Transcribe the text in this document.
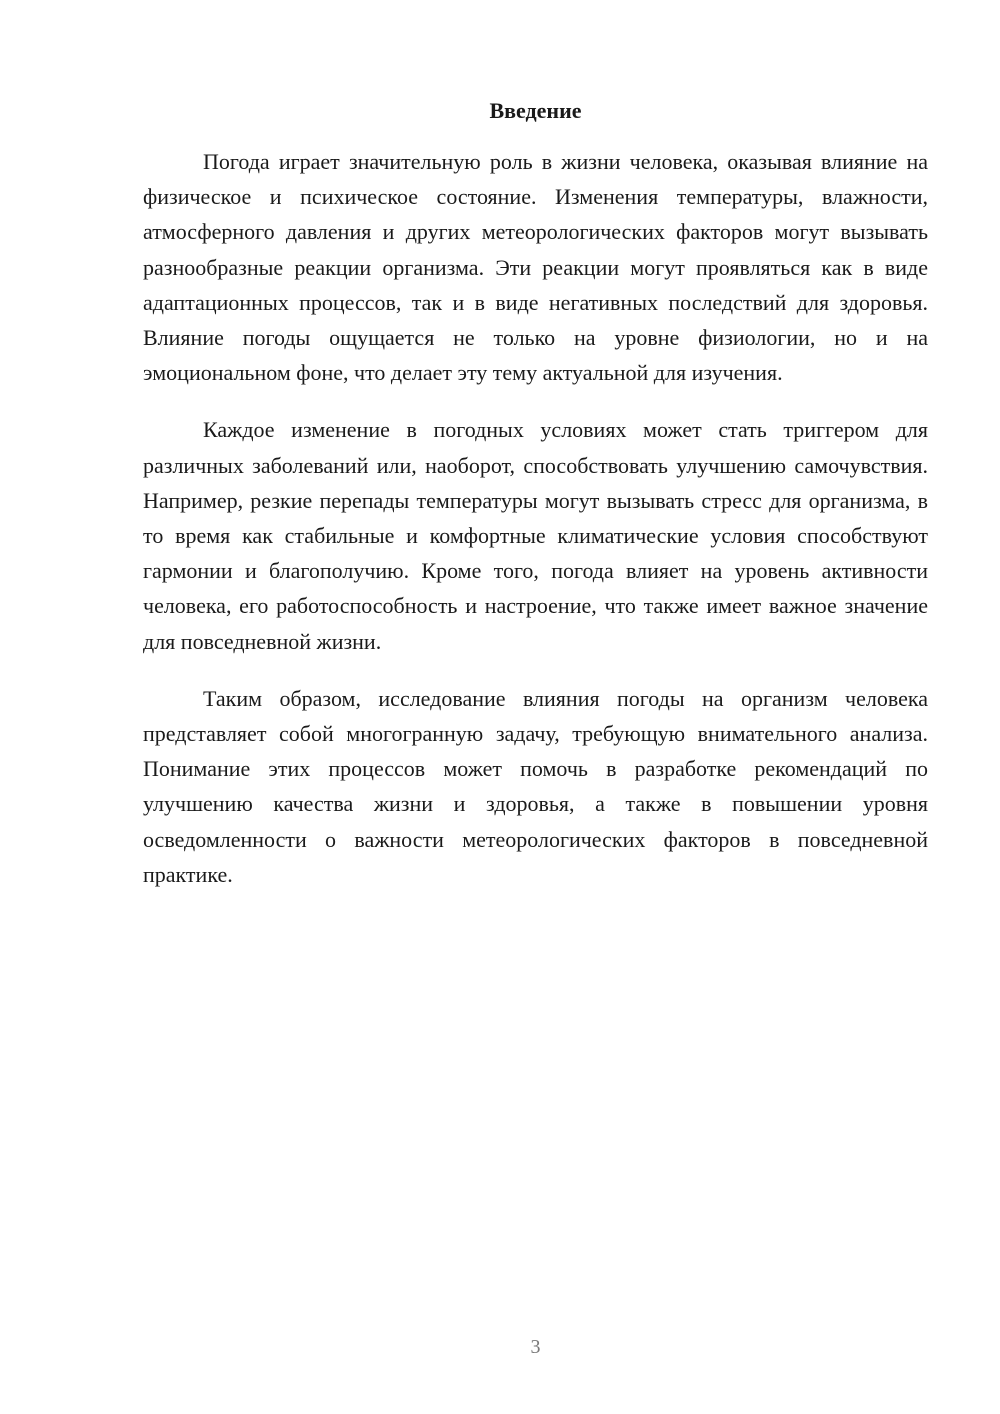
Введение

Погода играет значительную роль в жизни человека, оказывая влияние на физическое и психическое состояние. Изменения температуры, влажности, атмосферного давления и других метеорологических факторов могут вызывать разнообразные реакции организма. Эти реакции могут проявляться как в виде адаптационных процессов, так и в виде негативных последствий для здоровья. Влияние погоды ощущается не только на уровне физиологии, но и на эмоциональном фоне, что делает эту тему актуальной для изучения.

Каждое изменение в погодных условиях может стать триггером для различных заболеваний или, наоборот, способствовать улучшению самочувствия. Например, резкие перепады температуры могут вызывать стресс для организма, в то время как стабильные и комфортные климатические условия способствуют гармонии и благополучию. Кроме того, погода влияет на уровень активности человека, его работоспособность и настроение, что также имеет важное значение для повседневной жизни.

Таким образом, исследование влияния погоды на организм человека представляет собой многогранную задачу, требующую внимательного анализа. Понимание этих процессов может помочь в разработке рекомендаций по улучшению качества жизни и здоровья, а также в повышении уровня осведомленности о важности метеорологических факторов в повседневной практике.

3
